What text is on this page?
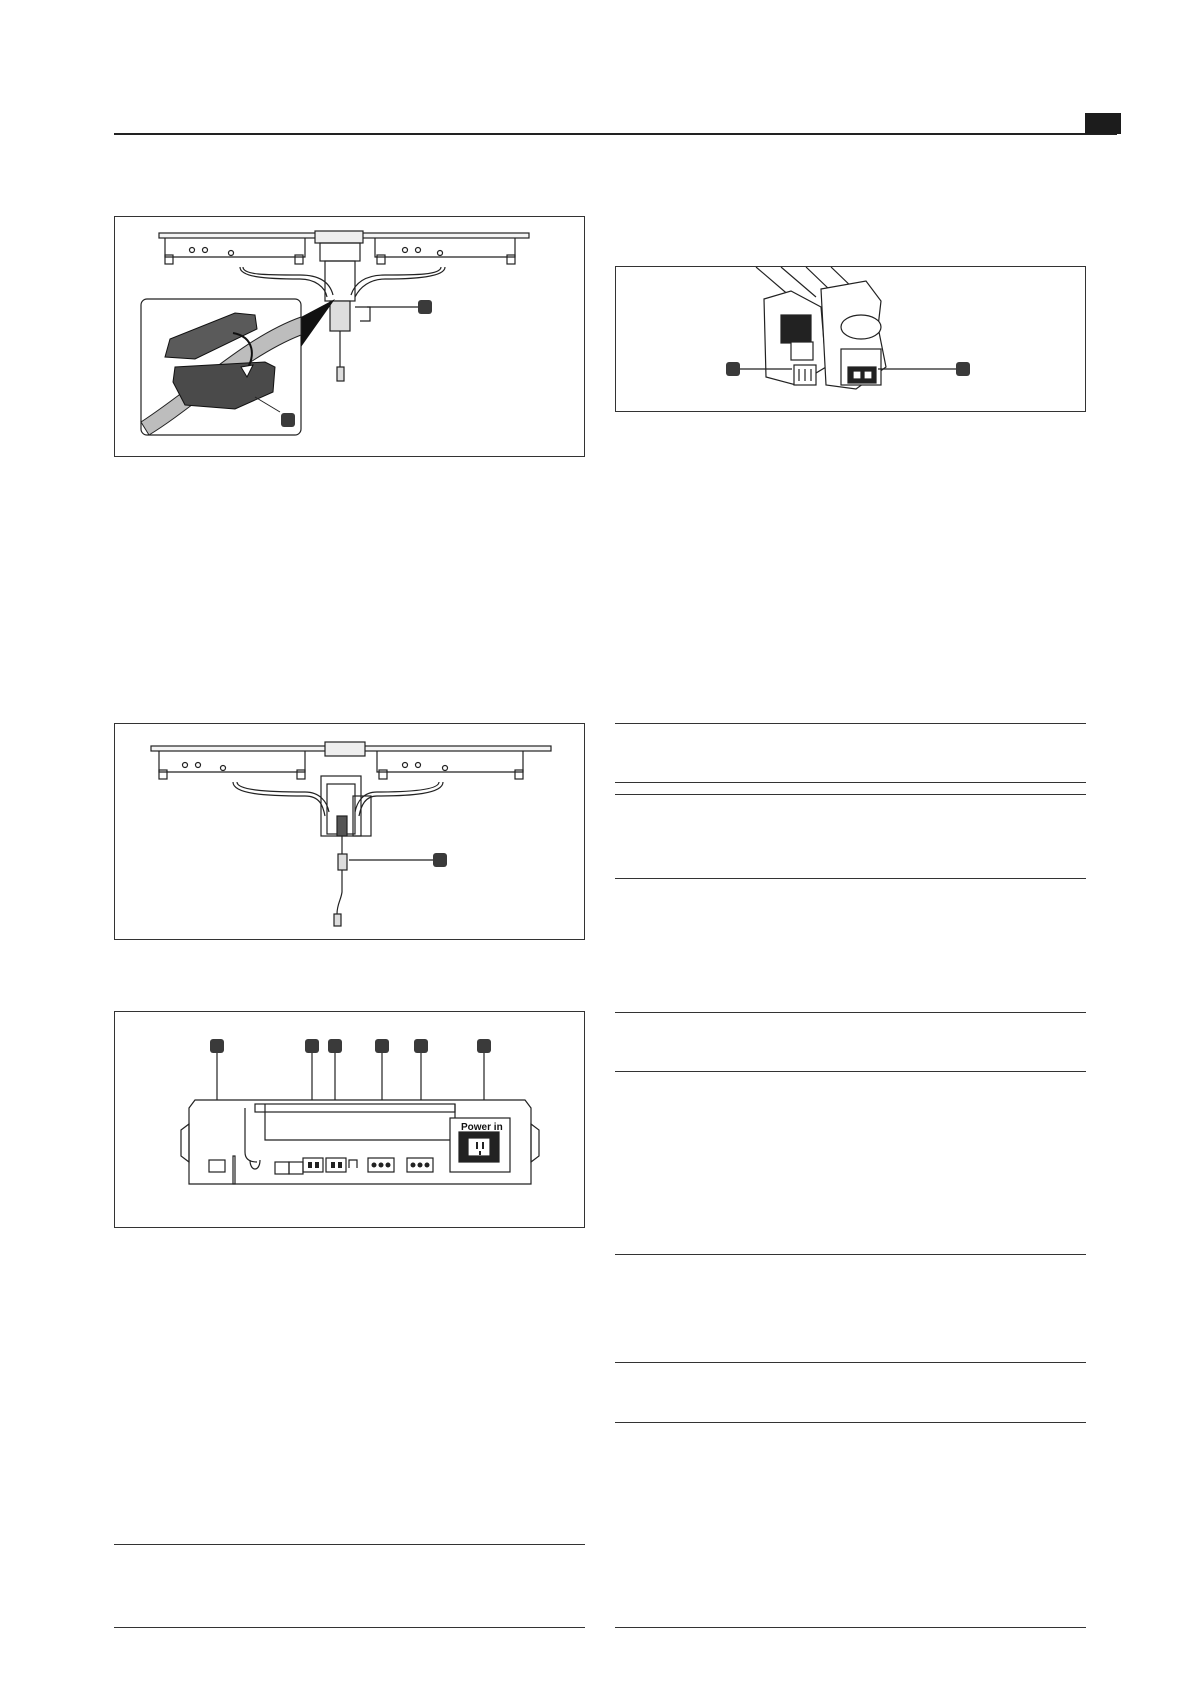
Power in
